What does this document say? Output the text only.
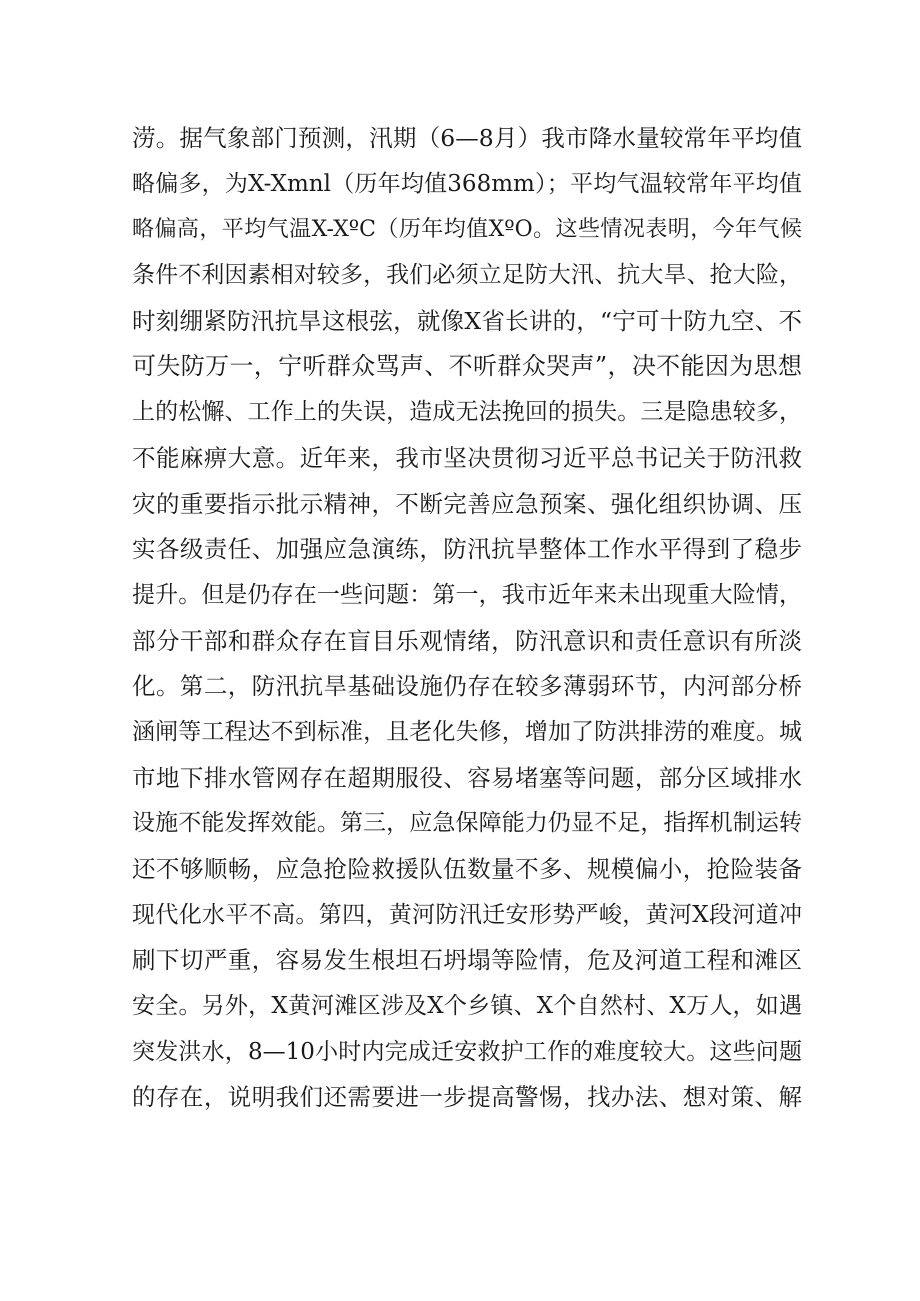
涝。据气象部门预测，汛期（6—8月）我市降水量较常年平均值
略偏多，为X-Xmnl（历年均值368mm）；平均气温较常年平均值
略偏高，平均气温X-XºC（历年均值XºO。这些情况表明，今年气候
条件不利因素相对较多，我们必须立足防大汛、抗大旱、抢大险，
时刻绷紧防汛抗旱这根弦，就像X省长讲的，“宁可十防九空、不
可失防万一，宁听群众骂声、不听群众哭声”，决不能因为思想
上的松懈、工作上的失误，造成无法挽回的损失。三是隐患较多，
不能麻痹大意。近年来，我市坚决贯彻习近平总书记关于防汛救
灾的重要指示批示精神，不断完善应急预案、强化组织协调、压
实各级责任、加强应急演练，防汛抗旱整体工作水平得到了稳步
提升。但是仍存在一些问题：第一，我市近年来未出现重大险情，
部分干部和群众存在盲目乐观情绪，防汛意识和责任意识有所淡
化。第二，防汛抗旱基础设施仍存在较多薄弱环节，内河部分桥
涵闸等工程达不到标准，且老化失修，增加了防洪排涝的难度。城
市地下排水管网存在超期服役、容易堵塞等问题，部分区域排水
设施不能发挥效能。第三，应急保障能力仍显不足，指挥机制运转
还不够顺畅，应急抢险救援队伍数量不多、规模偏小，抢险装备
现代化水平不高。第四，黄河防汛迁安形势严峻，黄河X段河道冲
刷下切严重，容易发生根坦石坍塌等险情，危及河道工程和滩区
安全。另外，X黄河滩区涉及X个乡镇、X个自然村、X万人，如遇
突发洪水，8—10小时内完成迁安救护工作的难度较大。这些问题
的存在，说明我们还需要进一步提高警惕，找办法、想对策、解
